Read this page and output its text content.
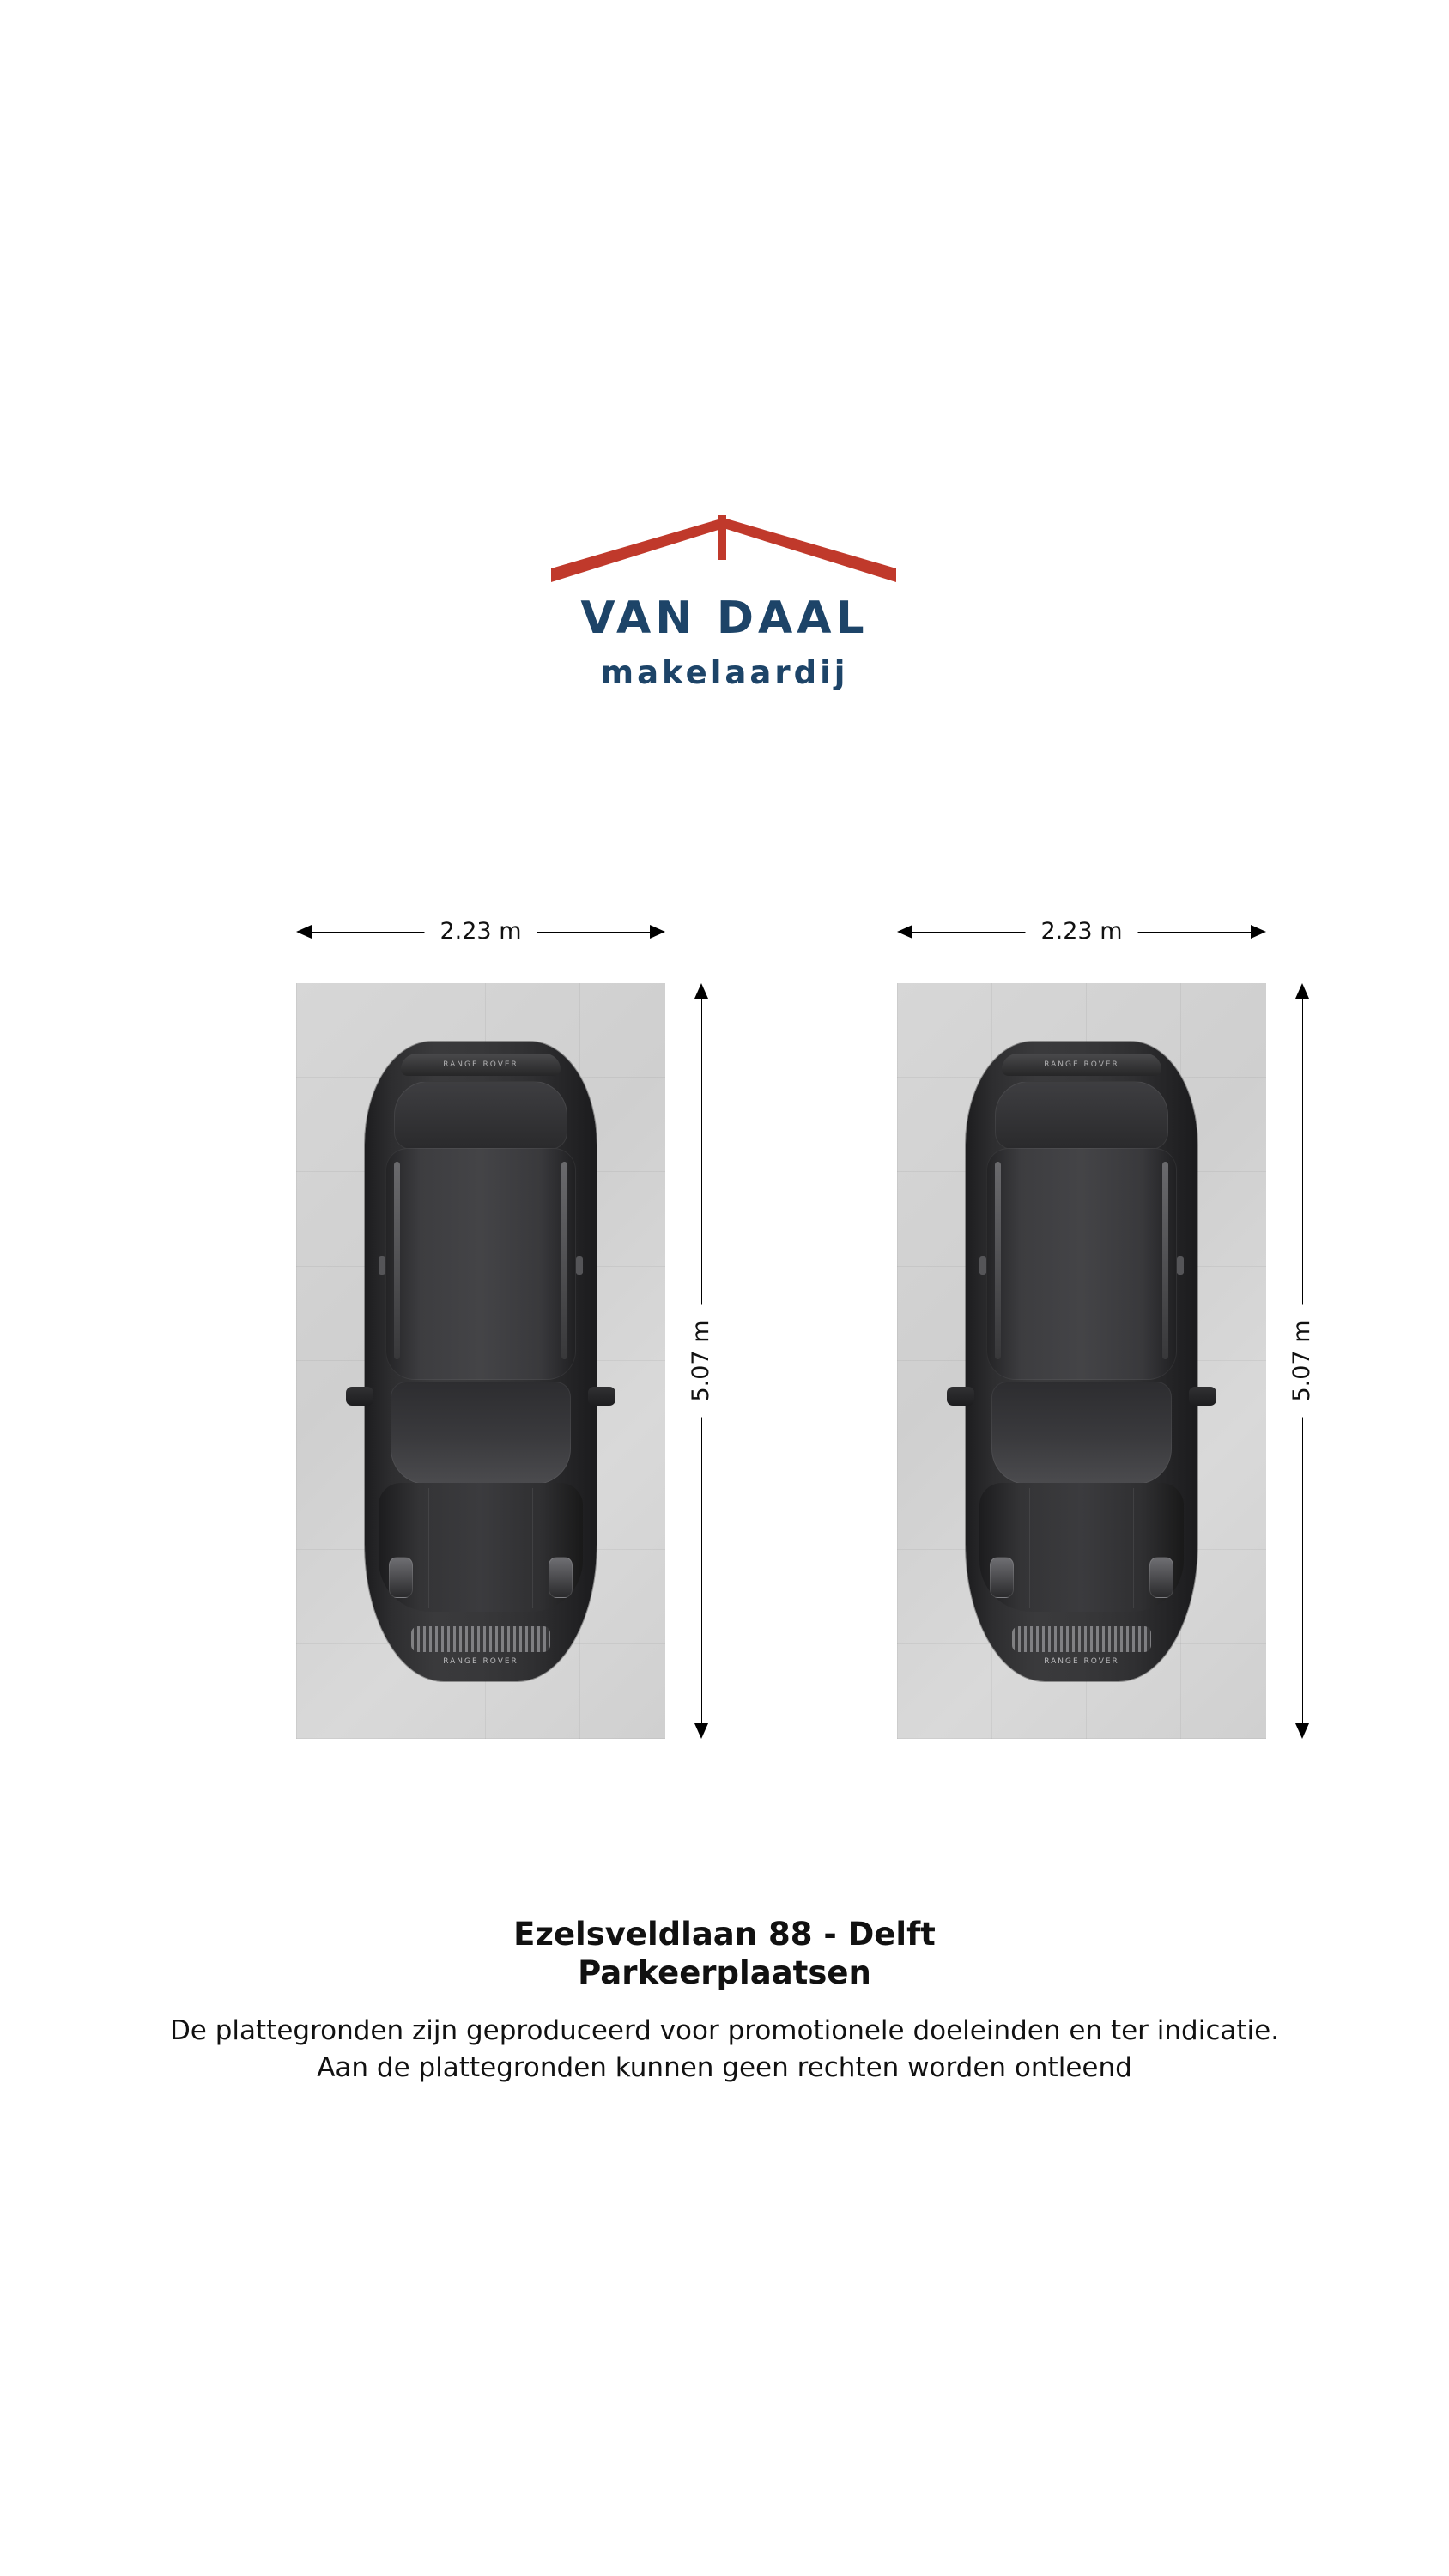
VAN DAAL
makelaardij
2.23 m
RANGE ROVER
RANGE ROVER
5.07 m
2.23 m
RANGE ROVER
RANGE ROVER
5.07 m
Ezelsveldlaan 88 - Delft
Parkeerplaatsen
De plattegronden zijn geproduceerd voor promotionele doeleinden en ter indicatie.
Aan de plattegronden kunnen geen rechten worden ontleend
